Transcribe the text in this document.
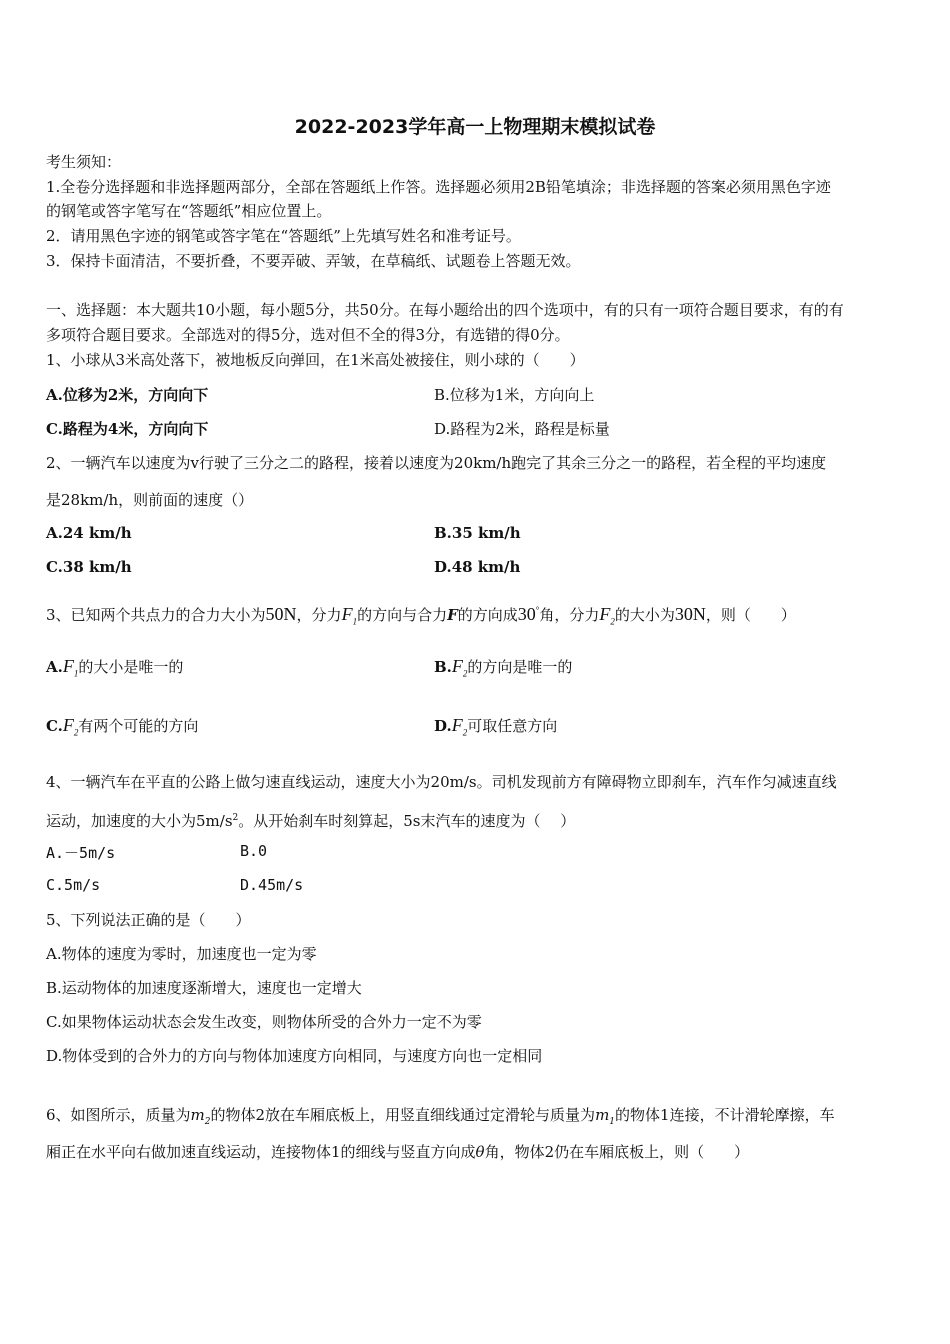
2022-2023学年高一上物理期末模拟试卷
考生须知：
1.全卷分选择题和非选择题两部分，全部在答题纸上作答。选择题必须用2B铅笔填涂；非选择题的答案必须用黑色字迹
的钢笔或答字笔写在“答题纸”相应位置上。
2．请用黑色字迹的钢笔或答字笔在“答题纸”上先填写姓名和准考证号。
3．保持卡面清洁，不要折叠，不要弄破、弄皱，在草稿纸、试题卷上答题无效。
一、选择题：本大题共10小题，每小题5分，共50分。在每小题给出的四个选项中，有的只有一项符合题目要求，有的有
多项符合题目要求。全部选对的得5分，选对但不全的得3分，有选错的得0分。
1、小球从3米高处落下，被地板反向弹回，在1米高处被接住，则小球的（　　）
A.位移为2米，方向向下	B.位移为1米，方向向上
C.路程为4米，方向向下	D.路程为2米，路程是标量
2、一辆汽车以速度为v行驶了三分之二的路程，接着以速度为20km/h跑完了其余三分之一的路程，若全程的平均速度
是28km/h，则前面的速度（）
A.24 km/h	B.35 km/h
C.38 km/h	D.48 km/h
3、已知两个共点力的合力大小为50N，分力$F_1$的方向与合力F的方向成30°角，分力$F_2$的大小为30N，则（　　）
$A.F_1$的大小是唯一的	$B.F_2$的方向是唯一的
$C.F_2$有两个可能的方向	$D.F_2$可取任意方向
4、一辆汽车在平直的公路上做匀速直线运动，速度大小为20m/s。司机发现前方有障碍物立即刹车，汽车作匀减速直线
运动，加速度的大小为$5m/s^2$。从开始刹车时刻算起，5s末汽车的速度为（　 ）
A.－5m/s	B.0
C.5m/s	D.45m/s
5、下列说法正确的是（　　）
A.物体的速度为零时，加速度也一定为零
B.运动物体的加速度逐渐增大，速度也一定增大
C.如果物体运动状态会发生改变，则物体所受的合外力一定不为零
D.物体受到的合外力的方向与物体加速度方向相同，与速度方向也一定相同
6、如图所示，质量为$m_2$的物体2放在车厢底板上，用竖直细线通过定滑轮与质量为$m_1$的物体1连接，不计滑轮摩擦，车
厢正在水平向右做加速直线运动，连接物体1的细线与竖直方向成θ角，物体2仍在车厢底板上，则（　　）
